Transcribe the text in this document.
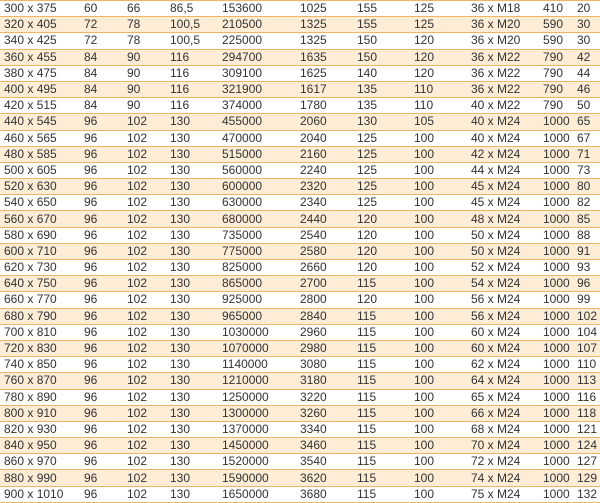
300 x 375	60	66	86,5	153600	1025	155	125	36 x M18	410	20
320 x 405	72	78	100,5	210500	1325	155	125	36 x M20	590	30
340 x 425	72	78	100,5	225000	1325	150	120	36 x M20	590	30
360 x 455	84	90	116	294700	1635	150	120	36 x M22	790	42
380 x 475	84	90	116	309100	1625	140	120	36 x M22	790	44
400 x 495	84	90	116	321900	1617	135	110	36 x M22	790	46
420 x 515	84	90	116	374000	1780	135	110	40 x M22	790	50
440 x 545	96	102	130	455000	2060	130	105	40 x M24	1000	65
460 x 565	96	102	130	470000	2040	125	100	40 x M24	1000	67
480 x 585	96	102	130	515000	2160	125	100	42 x M24	1000	71
500 x 605	96	102	130	560000	2240	125	100	44 x M24	1000	73
520 x 630	96	102	130	600000	2320	125	100	45 x M24	1000	80
540 x 650	96	102	130	630000	2340	125	100	45 x M24	1000	82
560 x 670	96	102	130	680000	2440	120	100	48 x M24	1000	85
580 x 690	96	102	130	735000	2540	120	100	50 x M24	1000	88
600 x 710	96	102	130	775000	2580	120	100	50 x M24	1000	91
620 x 730	96	102	130	825000	2660	120	100	52 x M24	1000	93
640 x 750	96	102	130	865000	2700	115	100	54 x M24	1000	96
660 x 770	96	102	130	925000	2800	120	100	56 x M24	1000	99
680 x 790	96	102	130	965000	2840	115	100	56 x M24	1000	102
700 x 810	96	102	130	1030000	2960	115	100	60 x M24	1000	104
720 x 830	96	102	130	1070000	2980	115	100	60 x M24	1000	107
740 x 850	96	102	130	1140000	3080	115	100	62 x M24	1000	110
760 x 870	96	102	130	1210000	3180	115	100	64 x M24	1000	113
780 x 890	96	102	130	1250000	3220	115	100	65 x M24	1000	116
800 x 910	96	102	130	1300000	3260	115	100	66 x M24	1000	118
820 x 930	96	102	130	1370000	3340	115	100	68 x M24	1000	121
840 x 950	96	102	130	1450000	3460	115	100	70 x M24	1000	124
860 x 970	96	102	130	1520000	3540	115	100	72 x M24	1000	127
880 x 990	96	102	130	1590000	3620	115	100	74 x M24	1000	129
900 x 1010	96	102	130	1650000	3680	115	100	75 x M24	1000	132
